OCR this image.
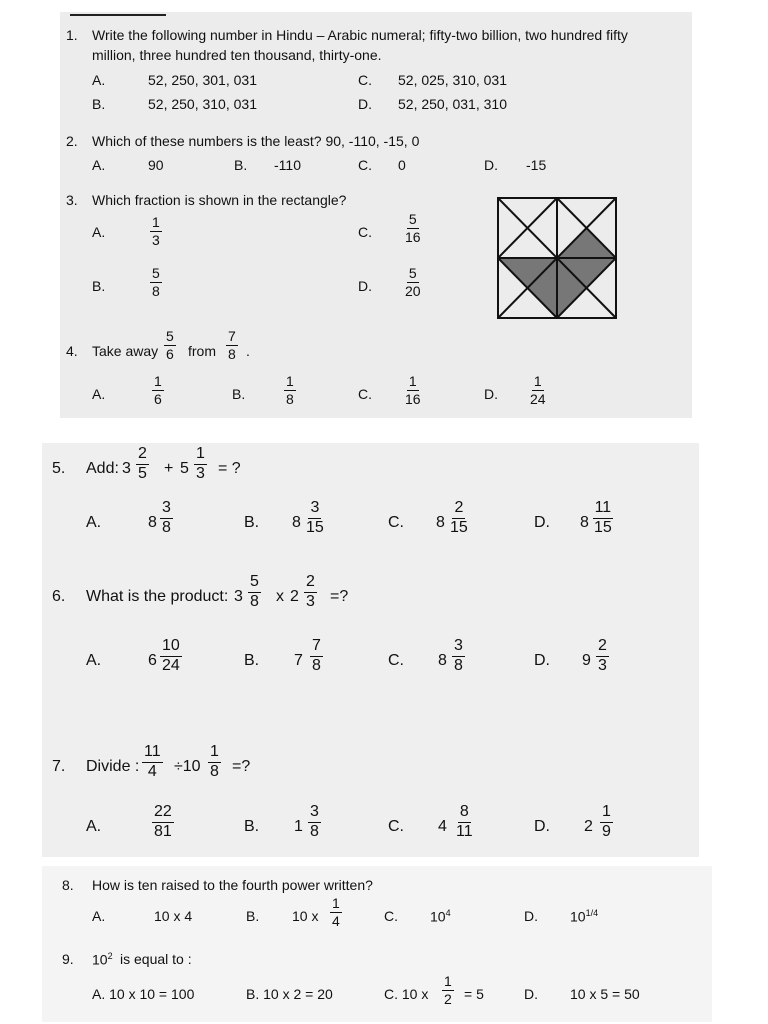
1. Write the following number in Hindu – Arabic numeral; fifty-two billion, two hundred fifty
million, three hundred ten thousand, thirty-one.
A.	52, 250, 301, 031	C. 52, 025, 310, 031
B.	52, 250, 310, 031	D. 52, 250, 031, 310
2. Which of these numbers is the least? 90, -110, -15, 0
A.	90	B. -110	C. 0	D. -15
3. Which fraction is shown in the rectangle?
A.	$\frac{1}{3}$	C. $\frac{5}{16}$
B.	$\frac{5}{8}$	D. $\frac{5}{20}$
4. Take away $\frac{5}{6}$ from $\frac{7}{8}$ .
A.	$\frac{1}{6}$	B.	$\frac{1}{8}$	C. $\frac{1}{16}$	D. $\frac{1}{24}$
5. Add: $3 \frac{2}{5} + 5 \frac{1}{3}$ = ?
A.	$8 \frac{3}{8}$	B. $8 \frac{3}{15}$	C. $8 \frac{2}{15}$	D. $8 \frac{11}{15}$
6. What is the product: $3 \frac{5}{8}$ x $2 \frac{2}{3}$ =?
A.	$6 \frac{10}{24}$	B. $7 \frac{7}{8}$	C. $8 \frac{3}{8}$	D. $9 \frac{2}{3}$
7. Divide : $\frac{11}{4} \div 10 \frac{1}{8}$ =?
A.	$\frac{22}{81}$	B. $1 \frac{3}{8}$	C. $4 \frac{8}{11}$	D. $2 \frac{1}{9}$
8. How is ten raised to the fourth power written?
A.	10 x 4	B. 10 x $\frac{1}{4}$	C. $10^4$	D. $10^{1/4}$
9. $10^2$ is equal to :
A. 10 x 10 = 100	B. 10 x 2 = 20	C. 10 x $\frac{1}{2} = 5$	D. 10 x 5 = 50
